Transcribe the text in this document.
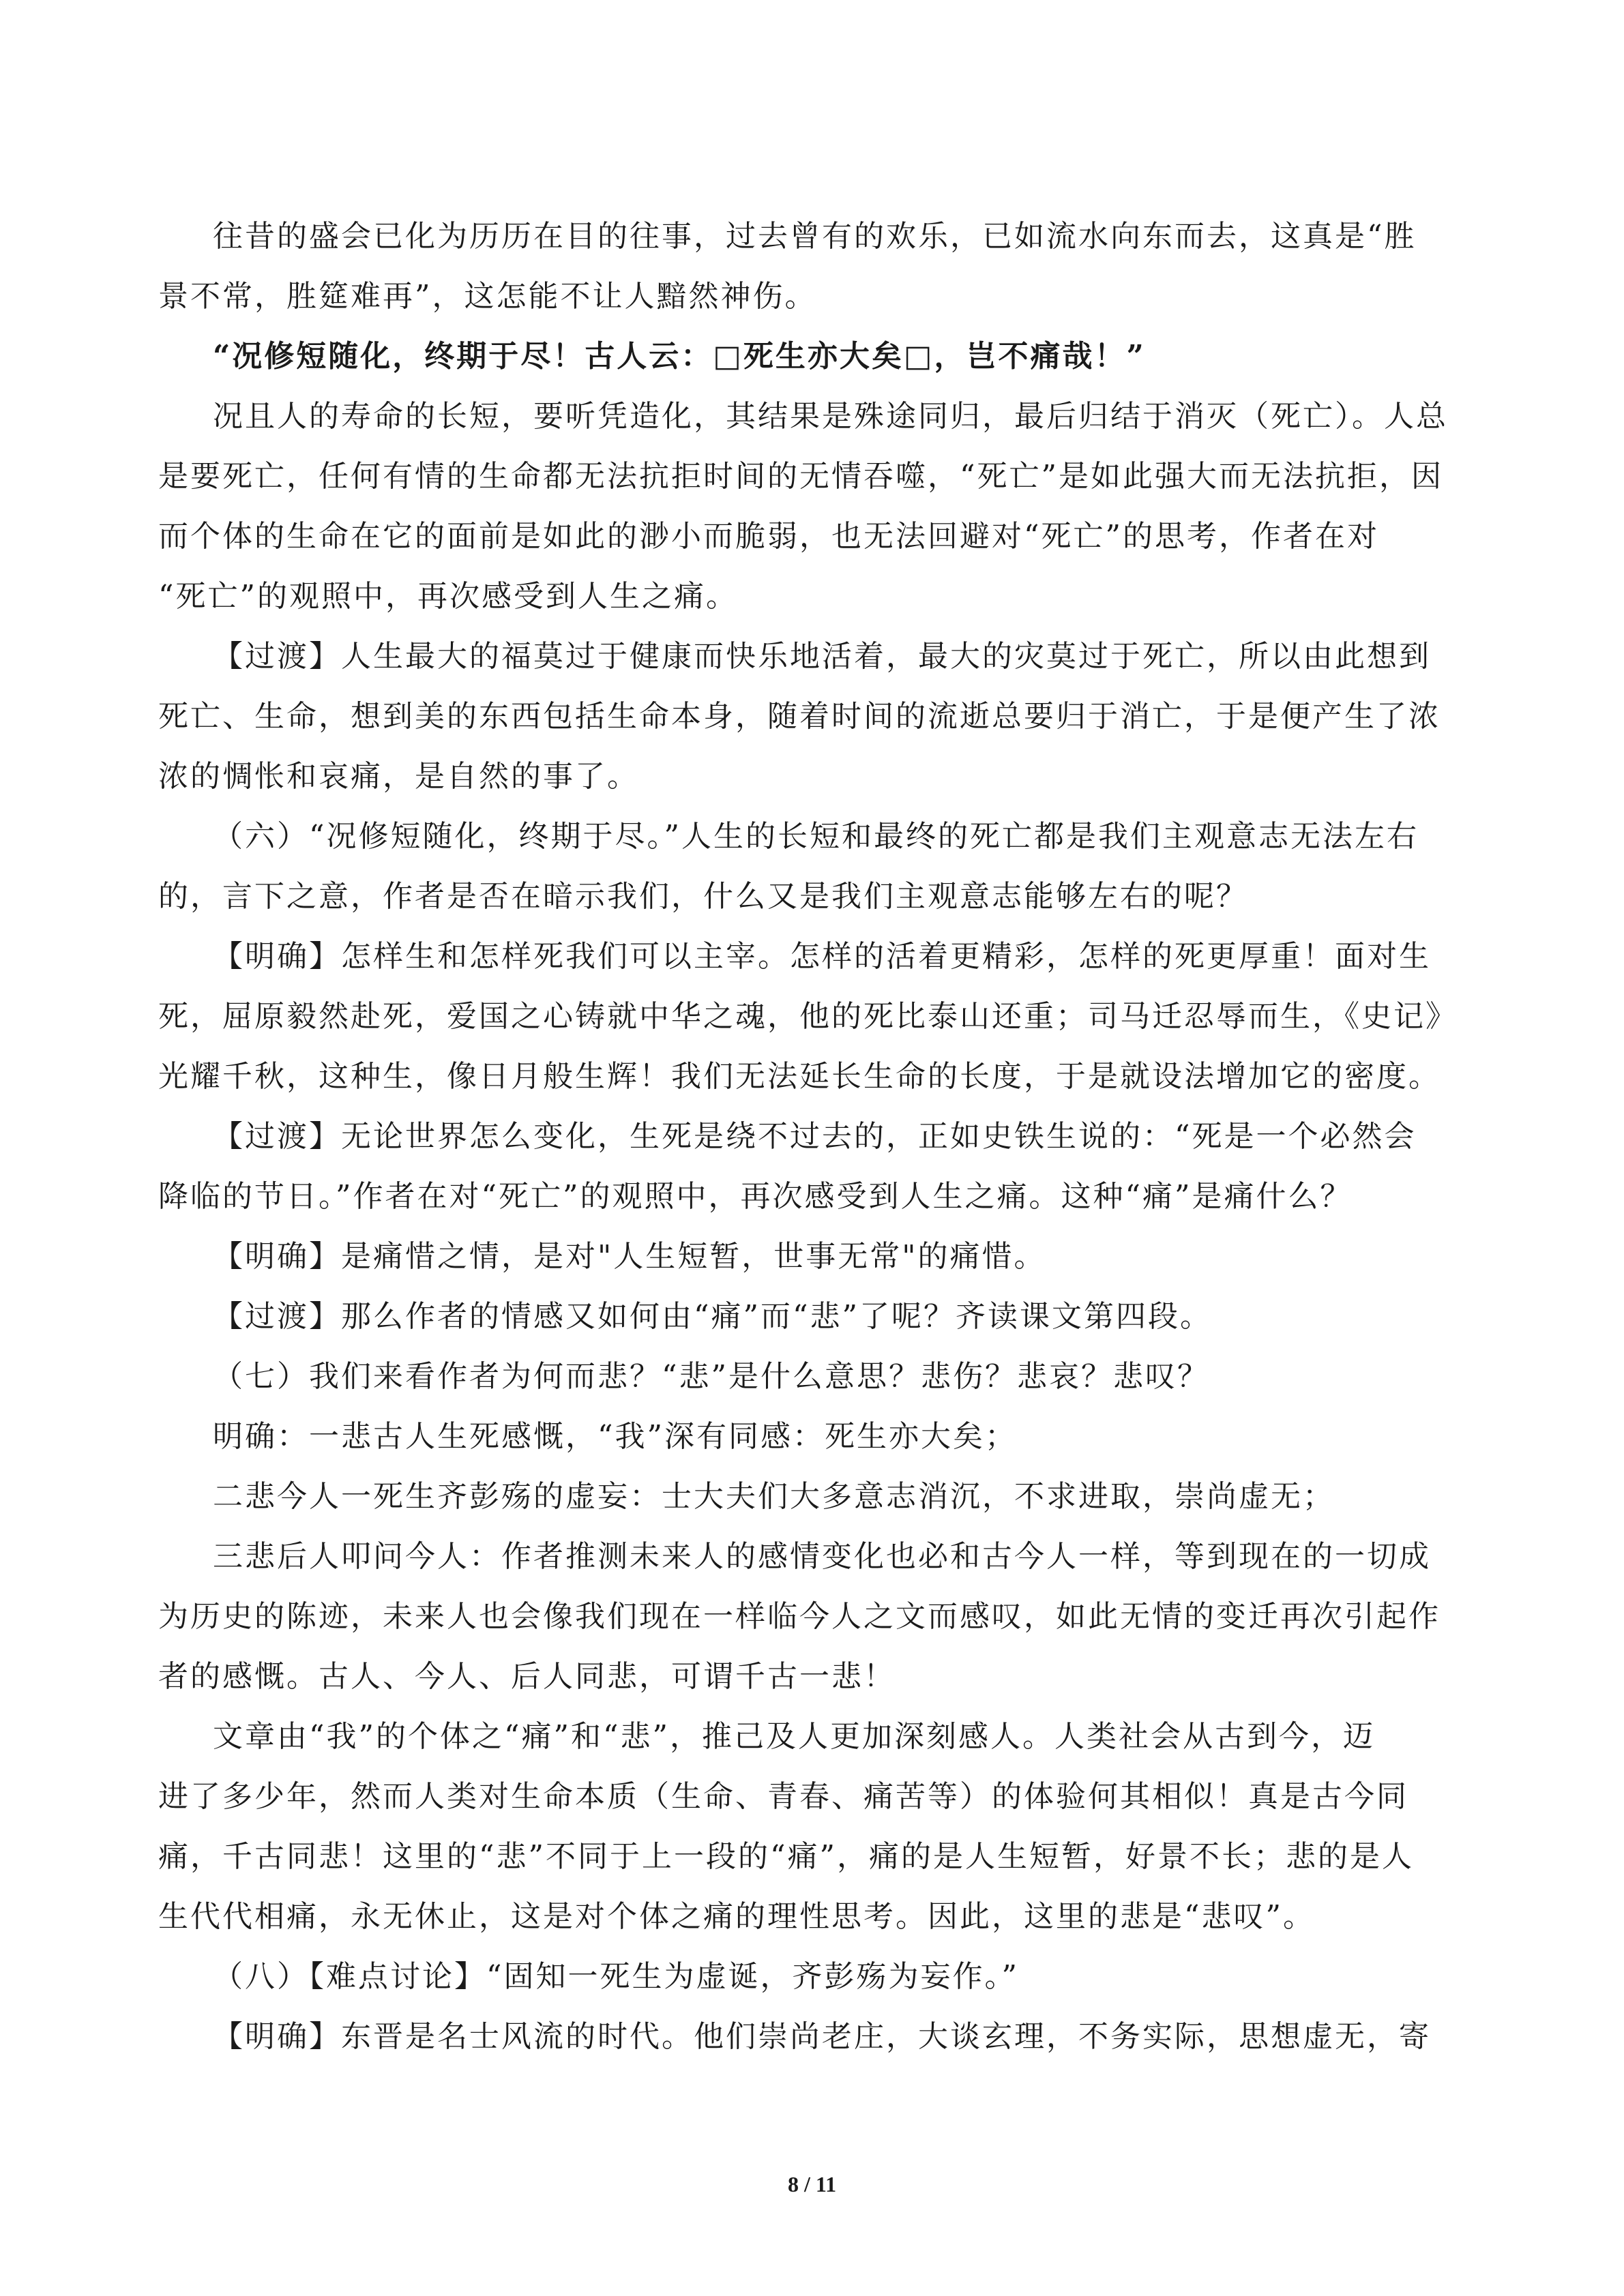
往昔的盛会已化为历历在目的往事，过去曾有的欢乐，已如流水向东而去，这真是“胜
景不常，胜筵难再”，这怎能不让人黯然神伤。
“况修短随化，终期于尽！古人云：□死生亦大矣□，岂不痛哉！”
况且人的寿命的长短，要听凭造化，其结果是殊途同归，最后归结于消灭（死亡）。人总
是要死亡，任何有情的生命都无法抗拒时间的无情吞噬，“死亡”是如此强大而无法抗拒，因
而个体的生命在它的面前是如此的渺小而脆弱，也无法回避对“死亡”的思考，作者在对
“死亡”的观照中，再次感受到人生之痛。
【过渡】人生最大的福莫过于健康而快乐地活着，最大的灾莫过于死亡，所以由此想到
死亡、生命，想到美的东西包括生命本身，随着时间的流逝总要归于消亡，于是便产生了浓
浓的惆怅和哀痛，是自然的事了。
（六）“况修短随化，终期于尽。”人生的长短和最终的死亡都是我们主观意志无法左右
的，言下之意，作者是否在暗示我们，什么又是我们主观意志能够左右的呢？
【明确】怎样生和怎样死我们可以主宰。怎样的活着更精彩，怎样的死更厚重！面对生
死，屈原毅然赴死，爱国之心铸就中华之魂，他的死比泰山还重；司马迁忍辱而生，《史记》
光耀千秋，这种生，像日月般生辉！我们无法延长生命的长度，于是就设法增加它的密度。
【过渡】无论世界怎么变化，生死是绕不过去的，正如史铁生说的：“死是一个必然会
降临的节日。”作者在对“死亡”的观照中，再次感受到人生之痛。这种“痛”是痛什么？
【明确】是痛惜之情，是对"人生短暂，世事无常"的痛惜。
【过渡】那么作者的情感又如何由“痛”而“悲”了呢？齐读课文第四段。
（七）我们来看作者为何而悲？“悲”是什么意思？悲伤？悲哀？悲叹？
明确：一悲古人生死感慨，“我”深有同感：死生亦大矣；
二悲今人一死生齐彭殇的虚妄：士大夫们大多意志消沉，不求进取，崇尚虚无；
三悲后人叩问今人：作者推测未来人的感情变化也必和古今人一样，等到现在的一切成
为历史的陈迹，未来人也会像我们现在一样临今人之文而感叹，如此无情的变迁再次引起作
者的感慨。古人、今人、后人同悲，可谓千古一悲！
文章由“我”的个体之“痛”和“悲”，推己及人更加深刻感人。人类社会从古到今，迈
进了多少年，然而人类对生命本质（生命、青春、痛苦等）的体验何其相似！真是古今同
痛，千古同悲！这里的“悲”不同于上一段的“痛”，痛的是人生短暂，好景不长；悲的是人
生代代相痛，永无休止，这是对个体之痛的理性思考。因此，这里的悲是“悲叹”。
（八）【难点讨论】“固知一死生为虚诞，齐彭殇为妄作。”
【明确】东晋是名士风流的时代。他们崇尚老庄，大谈玄理，不务实际，思想虚无，寄
8 / 11
